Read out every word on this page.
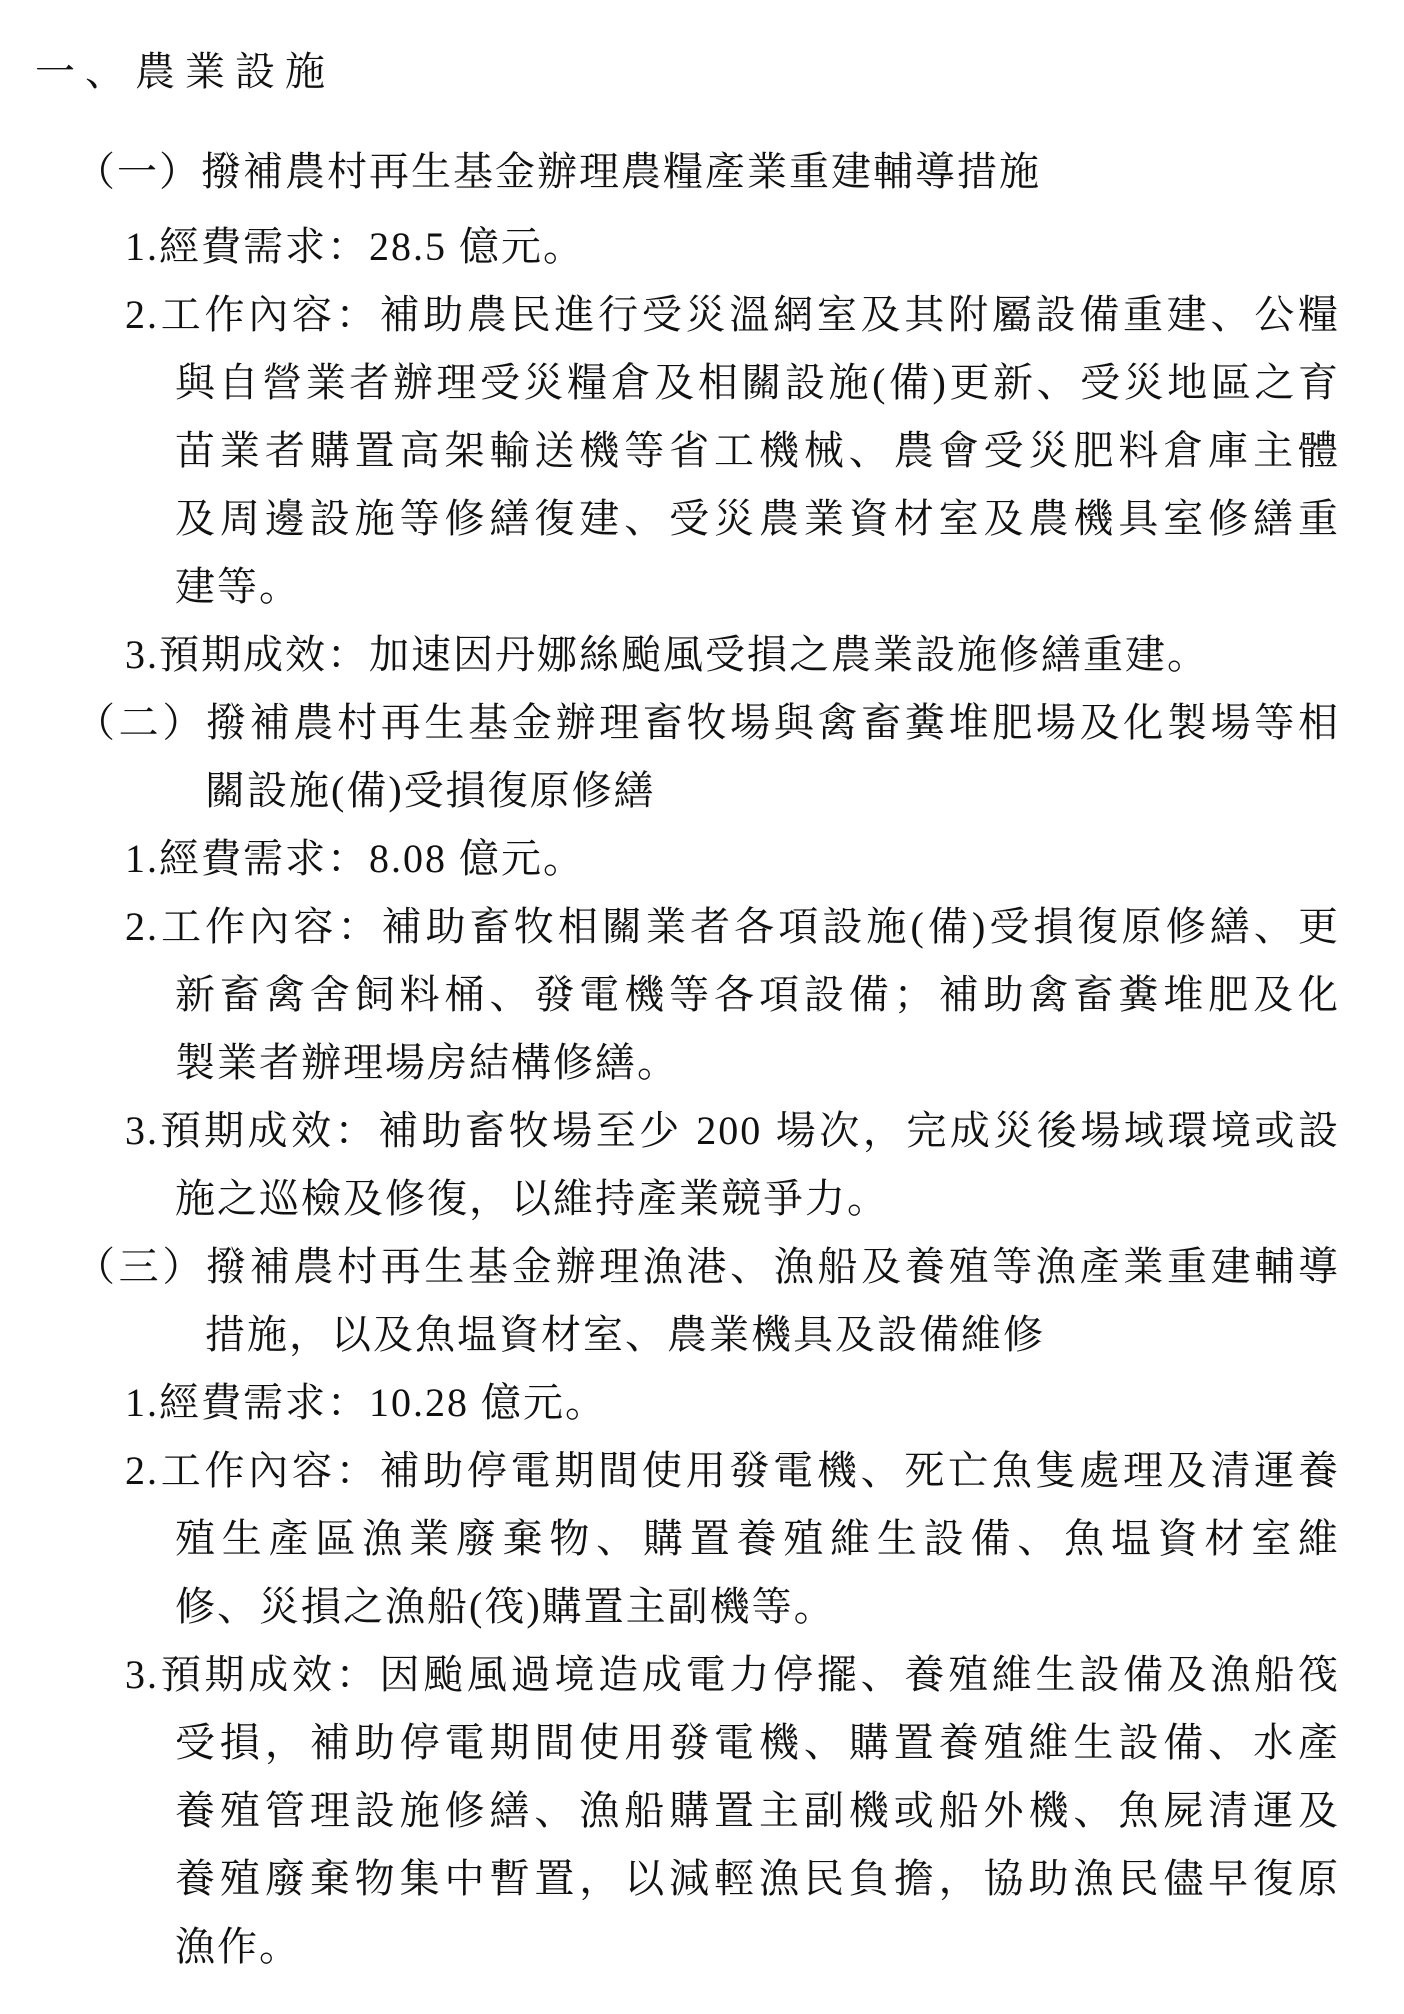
一、農業設施
（一）撥補農村再生基金辦理農糧產業重建輔導措施
1.經費需求：28.5 億元。
2.工作內容：補助農民進行受災溫網室及其附屬設備重建、公糧
與自營業者辦理受災糧倉及相關設施(備)更新、受災地區之育
苗業者購置高架輸送機等省工機械、農會受災肥料倉庫主體
及周邊設施等修繕復建、受災農業資材室及農機具室修繕重
建等。
3.預期成效：加速因丹娜絲颱風受損之農業設施修繕重建。
（二）撥補農村再生基金辦理畜牧場與禽畜糞堆肥場及化製場等相
關設施(備)受損復原修繕
1.經費需求：8.08 億元。
2.工作內容：補助畜牧相關業者各項設施(備)受損復原修繕、更
新畜禽舍飼料桶、發電機等各項設備；補助禽畜糞堆肥及化
製業者辦理場房結構修繕。
3.預期成效：補助畜牧場至少 200 場次，完成災後場域環境或設
施之巡檢及修復，以維持產業競爭力。
（三）撥補農村再生基金辦理漁港、漁船及養殖等漁產業重建輔導
措施，以及魚塭資材室、農業機具及設備維修
1.經費需求：10.28 億元。
2.工作內容：補助停電期間使用發電機、死亡魚隻處理及清運養
殖生產區漁業廢棄物、購置養殖維生設備、魚塭資材室維
修、災損之漁船(筏)購置主副機等。
3.預期成效：因颱風過境造成電力停擺、養殖維生設備及漁船筏
受損，補助停電期間使用發電機、購置養殖維生設備、水產
養殖管理設施修繕、漁船購置主副機或船外機、魚屍清運及
養殖廢棄物集中暫置，以減輕漁民負擔，協助漁民儘早復原
漁作。
